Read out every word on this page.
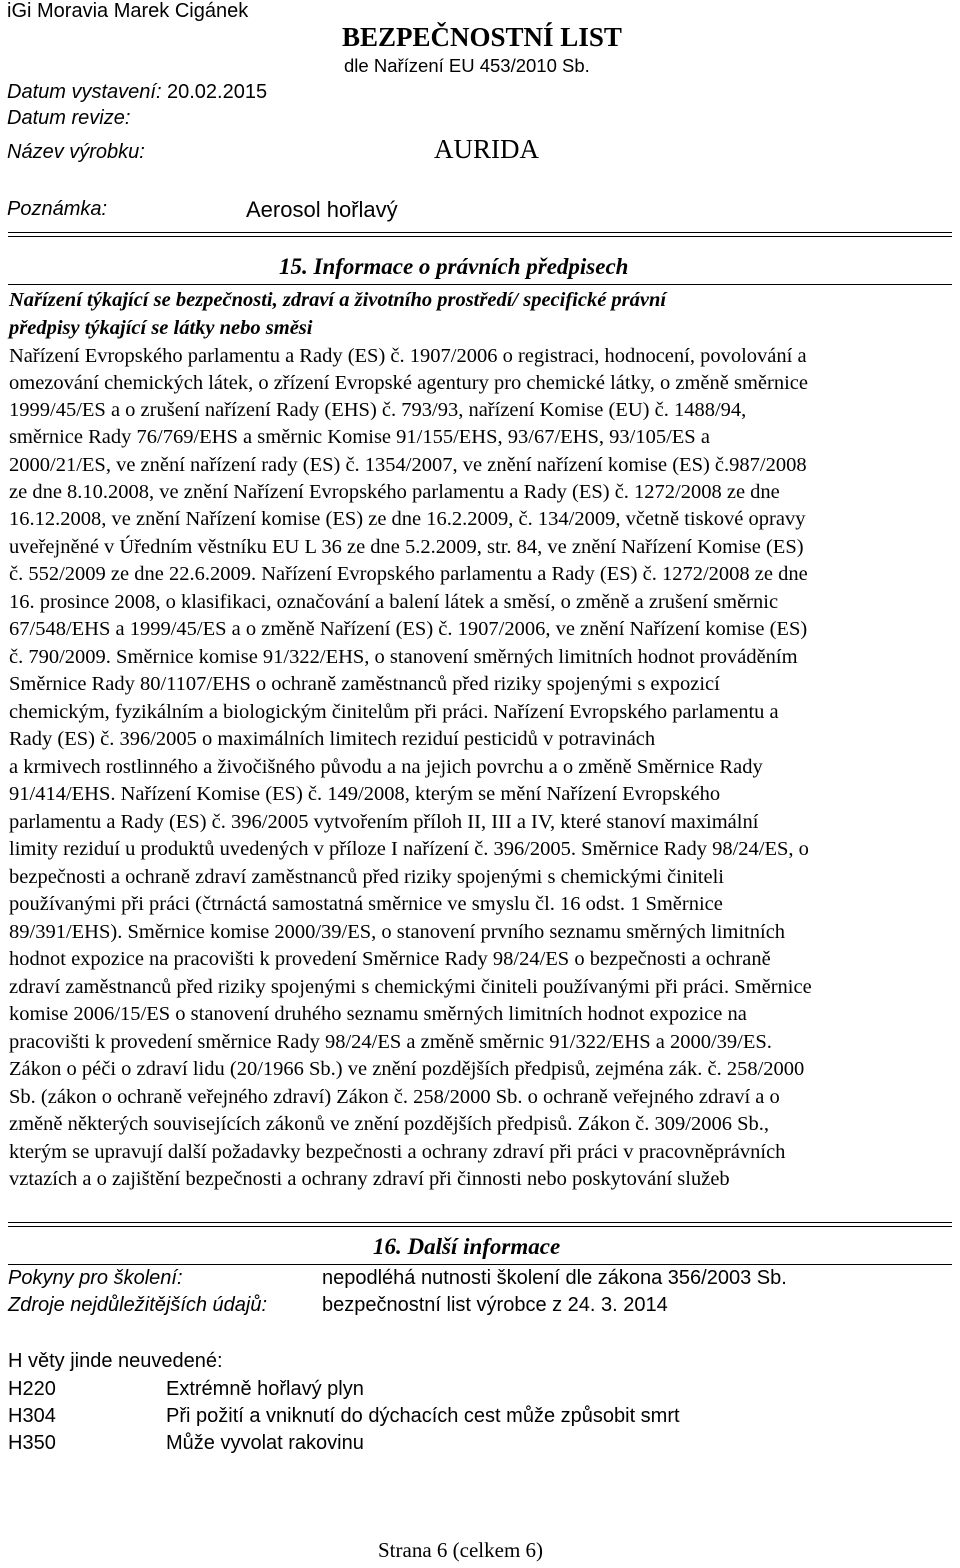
iGi Moravia Marek Cigánek
BEZPEČNOSTNÍ LIST
dle Nařízení EU 453/2010 Sb.
Datum vystavení: 20.02.2015
Datum revize:
Název výrobku:	AURIDA
Poznámka:	Aerosol hořlavý
15. Informace o právních předpisech
Nařízení týkající se bezpečnosti, zdraví a životního prostředí/ specifické právní
předpisy týkající se látky nebo směsi
Nařízení Evropského parlamentu a Rady (ES) č. 1907/2006 o registraci, hodnocení, povolování a
omezování chemických látek, o zřízení Evropské agentury pro chemické látky, o změně směrnice
1999/45/ES a o zrušení nařízení Rady (EHS) č. 793/93, nařízení Komise (EU) č. 1488/94,
směrnice Rady 76/769/EHS a směrnic Komise 91/155/EHS, 93/67/EHS, 93/105/ES a
2000/21/ES, ve znění nařízení rady (ES) č. 1354/2007, ve znění nařízení komise (ES) č.987/2008
ze dne 8.10.2008, ve znění Nařízení Evropského parlamentu a Rady (ES) č. 1272/2008 ze dne
16.12.2008, ve znění Nařízení komise (ES) ze dne 16.2.2009, č. 134/2009, včetně tiskové opravy
uveřejněné v Úředním věstníku EU L 36 ze dne 5.2.2009, str. 84, ve znění Nařízení Komise (ES)
č. 552/2009 ze dne 22.6.2009. Nařízení Evropského parlamentu a Rady (ES) č. 1272/2008 ze dne
16. prosince 2008, o klasifikaci, označování a balení látek a směsí, o změně a zrušení směrnic
67/548/EHS a 1999/45/ES a o změně Nařízení (ES) č. 1907/2006, ve znění Nařízení komise (ES)
č. 790/2009. Směrnice komise 91/322/EHS, o stanovení směrných limitních hodnot prováděním
Směrnice Rady 80/1107/EHS o ochraně zaměstnanců před riziky spojenými s expozicí
chemickým, fyzikálním a biologickým činitelům při práci. Nařízení Evropského parlamentu a
Rady (ES) č. 396/2005 o maximálních limitech reziduí pesticidů v potravinách
a krmivech rostlinného a živočišného původu a na jejich povrchu a o změně Směrnice Rady
91/414/EHS. Nařízení Komise (ES) č. 149/2008, kterým se mění Nařízení Evropského
parlamentu a Rady (ES) č. 396/2005 vytvořením příloh II, III a IV, které stanoví maximální
limity reziduí u produktů uvedených v příloze I nařízení č. 396/2005. Směrnice Rady 98/24/ES, o
bezpečnosti a ochraně zdraví zaměstnanců před riziky spojenými s chemickými činiteli
používanými při práci (čtrnáctá samostatná směrnice ve smyslu čl. 16 odst. 1 Směrnice
89/391/EHS). Směrnice komise 2000/39/ES, o stanovení prvního seznamu směrných limitních
hodnot expozice na pracovišti k provedení Směrnice Rady 98/24/ES o bezpečnosti a ochraně
zdraví zaměstnanců před riziky spojenými s chemickými činiteli používanými při práci. Směrnice
komise 2006/15/ES o stanovení druhého seznamu směrných limitních hodnot expozice na
pracovišti k provedení směrnice Rady 98/24/ES a změně směrnic 91/322/EHS a 2000/39/ES.
Zákon o péči o zdraví lidu (20/1966 Sb.) ve znění pozdějších předpisů, zejména zák. č. 258/2000
Sb. (zákon o ochraně veřejného zdraví) Zákon č. 258/2000 Sb. o ochraně veřejného zdraví a o
změně některých souvisejících zákonů ve znění pozdějších předpisů. Zákon č. 309/2006 Sb.,
kterým se upravují další požadavky bezpečnosti a ochrany zdraví při práci v pracovněprávních
vztazích a o zajištění bezpečnosti a ochrany zdraví při činnosti nebo poskytování služeb
16. Další informace
Pokyny pro školení:	nepodléhá nutnosti školení dle zákona 356/2003 Sb.
Zdroje nejdůležitějších údajů:	bezpečnostní list výrobce z 24. 3. 2014
H věty jinde neuvedené:
H220	Extrémně hořlavý plyn
H304	Při požití a vniknutí do dýchacích cest může způsobit smrt
H350	Může vyvolat rakovinu
Strana 6 (celkem 6)
